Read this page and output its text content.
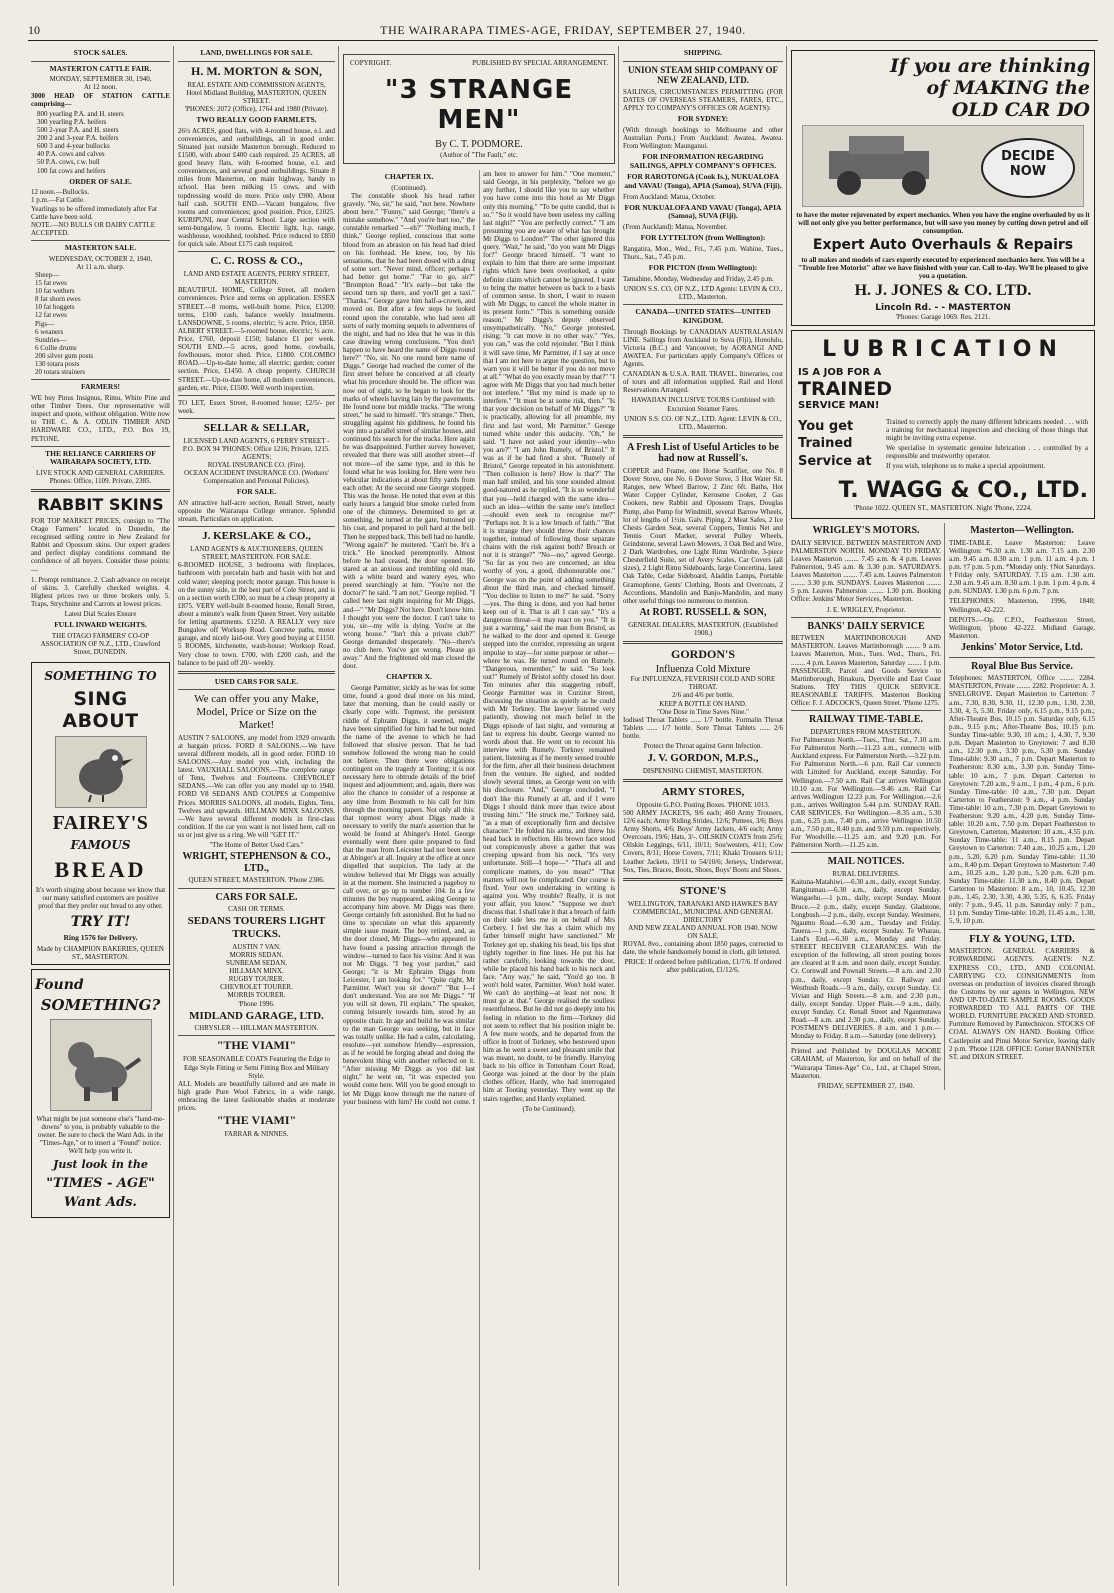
10	THE WAIRARAPA TIMES-AGE, FRIDAY, SEPTEMBER 27, 1940.
STOCK SALES.
MASTERTON CATTLE FAIR.
MONDAY, SEPTEMBER 30, 1940,
At 12 noon.

3000 HEAD OF STATION CATTLE comprising—

800 yearling P.A. and H. steers
300 yearling P.A. heifers
500 2-year P.A. and H. steers
200 2 and 3-year P.A. heifers
600 3 and 4-year bullocks
40 P.A. cows and calves
50 P.A. cows, r.w. bull
100 fat cows and heifers
ORDER OF SALE.
12 noon.—Bullocks.
1 p.m.—Fat Cattle.
Yearlings to be offered immediately after Fat Cattle have been sold.
NOTE.—NO BULLS OR DAIRY CATTLE ACCEPTED.
MASTERTON SALE.
WEDNESDAY, OCTOBER 2, 1940,
At 11 a.m. sharp.
Sheep—
15 fat ewes
10 fat wethers
8 fat shorn ewes
10 fat hoggets
12 fat ewes
Pigs—
6 weaners
Sundries—
6 Collie drums
200 silver gum posts
130 totara posts
20 totara strainers
FARMERS!

WE buy Pinus Insignus, Rimu, White Pine and other Timber Trees. Our representative will inspect and quote, without obligation. Write now to THE C. & A. ODLIN TIMBER AND HARDWARE CO., LTD., P.O. Box 19, PETONE.

THE RELIANCE CARRIERS OF WAIRARAPA SOCIETY, LTD.
LIVE STOCK AND GENERAL CARRIERS.
Phones: Office, 1109. Private, 2385.
RABBIT SKINS

FOR TOP MARKET PRICES, consign to "The Otago Farmers" located in Dunedin, the recognised selling centre in New Zealand for Rabbit and Opossum skins. Our expert graders and perfect display conditions command the confidence of all buyers. Consider these points:—

1. Prompt remittance. 2. Cash advance on receipt of skins. 3. Carefully checked weights. 4. Highest prices two or three brokers only. 5. Traps, Strychnine and Carrots at lowest prices.

Latest Dial Scales Ensure
FULL INWARD WEIGHTS.
THE OTAGO FARMERS' CO-OP ASSOCIATION OF N.Z., LTD., Crawford Street, DUNEDIN.
SOMETHING TO
SING ABOUT
FAIREY'S
FAMOUS
BREAD

It's worth singing about because we know that our many satisfied customers are positive proof that they prefer our bread to any other.

TRY IT!
Ring 1576 for Delivery.
Made by CHAMPION BAKERIES, QUEEN ST., MASTERTON.
Found
SOMETHING?

What might be just someone else's "hand-me-downs" to you, is probably valuable to the owner. Be sure to check the Want Ads. in the "Times-Age," or to insert a "Found" notice. We'll help you write it.

Just look in the
"TIMES - AGE"
Want Ads.
LAND, DWELLINGS FOR SALE.
H. M. MORTON & SON,
REAL ESTATE AND COMMISSION AGENTS,
Hotel Midland Building, MASTERTON, QUEEN STREET.
'PHONES: 2072 (Office), 1764 and 1980 (Private).
TWO REALLY GOOD FARMLETS.

26½ ACRES, good flats, with 4-roomed house, e.l. and conveniences, and outbuildings, all in good order. Situated just outside Masterton borough. Reduced to £1500, with about £400 cash required. 25 ACRES, all good heavy flats, with 6-roomed house, e.l. and conveniences, and several good outbuildings. Situate 8 miles from Masterton, on main highway, handy to school. Has been milking 15 cows, and with topdressing would do more. Price only £900. About half cash. SOUTH END.—Vacant bungalow, five rooms and conveniences; good position. Price, £1025. KURIPUNI, near Central School. Large section with semi-bungalow, 5 rooms. Electric light, h.p. range, washhouse, woodshed, toolshed. Price reduced to £850 for quick sale. About £175 cash required.

C. C. ROSS & CO.,
LAND AND ESTATE AGENTS, PERRY STREET, MASTERTON.

BEAUTIFUL HOME, College Street, all modern conveniences. Price and terms on application. ESSEX STREET.—8 rooms, well-built home. Price, £1200; terms, £100 cash, balance weekly instalments. LANSDOWNE, 5 rooms, electric; ¼ acre. Price, £850. ALBERT STREET.—5-roomed house, electric; ½ acre. Price, £760, deposit £150; balance £1 per week. SOUTH END.—5 acres, good home, cowbails, fowlhouses, motor shed. Price, £1800. COLOMBO ROAD.—Up-to-date home, all electric; garden; corner section. Price, £1450. A cheap property. CHURCH STREET.—Up-to-date home, all modern conveniences, garden, etc. Price, £1500. Well worth inspection.

TO LET, Essex Street, 8-roomed house; £2/5/- per week.

SELLAR & SELLAR,
LICENSED LAND AGENTS, 6 PERRY STREET - P.O. BOX 94 'PHONES: Office 1216; Private, 1215. AGENTS:
ROYAL INSURANCE CO. (Fire).
OCEAN ACCIDENT INSURANCE CO. (Workers' Compensation and Personal Policies).
FOR SALE.

AN attractive half-acre section, Renall Street, nearly opposite the Wairarapa College entrance. Splendid stream. Particulars on application.

J. KERSLAKE & CO.,
LAND AGENTS & AUCTIONEERS, QUEEN STREET, MASTERTON. FOR SALE.

6-ROOMED HOUSE, 3 bedrooms with fireplaces, bathroom with porcelain bath and basin with hot and cold water; sleeping porch; motor garage. This house is on the sunny side, in the best part of Cole Street, and is on a section worth £300, so must be a cheap property at £875. VERY well-built 8-roomed house, Renall Street, about a minute's walk from Queen Street. Very suitable for letting apartments. £1250. A REALLY very nice Bungalow off Worksop Road. Concrete paths, motor garage, and nicely laid-out. Very good buying at £1150. 5 ROOMS, kitchenette, wash-house; Worksop Road. Very close to town. £700, with £200 cash, and the balance to be paid off 20/- weekly.

USED CARS FOR SALE.
We can offer you any Make, Model, Price or Size on the Market!

AUSTIN 7 SALOONS, any model from 1929 onwards at bargain prices. FORD 8 SALOONS.—We have several different models, all in good order. FORD 10 SALOONS.—Any model you wish, including the latest. VAUXHALL SALOONS.—The complete range of Tens, Twelves and Fourteens. CHEVROLET SEDANS.—We can offer you any model up to 1940. FORD V8 SEDANS AND COUPES at Competitive Prices. MORRIS SALOONS, all models, Eights, Tens, Twelves and upwards. HILLMAN MINX SALOONS.—We have several different models in first-class condition. If the car you want is not listed here, call on us or just give us a ring. We will "GET IT."

"The Home of Better Used Cars."
WRIGHT, STEPHENSON & CO., LTD.,
QUEEN STREET, MASTERTON. 'Phone 2386.
CARS FOR SALE.
CASH OR TERMS.
SEDANS TOURERS LIGHT TRUCKS.
AUSTIN 7 VAN.
MORRIS SEDAN.
SUNBEAM SEDAN.
HILLMAN MINX.
RUGBY TOURER.
CHEVROLET TOURER.
MORRIS TOURER.
'Phone 1996.
MIDLAND GARAGE, LTD.
CHRYSLER - - HILLMAN MASTERTON.
"THE VIAMI"
FOR SEASONABLE COATS Featuring the Edge to Edge Style Fitting or Semi Fitting Box and Military Style.

ALL Models are beautifully tailored and are made in high grade Pure Wool Fabrics, in a wide range, embracing the latest fashionable shades at moderate prices.

"THE VIAMI"
FARRAR & NINNES.
COPYRIGHT.	PUBLISHED BY SPECIAL ARRANGEMENT.
"3 STRANGE MEN"
By C. T. PODMORE.
(Author of "The Fault," etc.
CHAPTER IX.
(Continued).

The constable shook his head rather gravely. "No, sir," he said, "not here. Nowhere about here." "Funny," said George; "there's a mistake somehow." "And you're hurt too," the constable remarked "—eh?" "Nothing much, I think," George replied, conscious that some blood from an abrasion on his head had dried on his forehead. He knew, too, by his sensations, that he had been dosed with a drug of some sort. "Never mind, officer; perhaps I had better get home." "Far to go, sir?" "Brompton Road." "It's early—but take the second turn up there, and you'll get a taxi." "Thanks." George gave him half-a-crown, and moved on. But after a few steps he looked round upon the constable, who had seen all sorts of early morning sequels to adventures of the night, and had no idea that he was in this case drawing wrong conclusions. "You don't happen to have heard the name of Diggs round here?" "No, sir. No one round here name of Diggs." George had reached the corner of the first street before he conceived at all clearly what his procedure should be. The officer was now out of sight, so he began to look for the marks of wheels having lain by the pavements. He found none but middle tracks. "The wrong street," he said to himself. "It's strange." Then, struggling against his giddiness, he found his way into a parallel street of similar houses, and continued his search for the tracks. Here again he was disappointed. Further survey however, revealed that there was still another street—if not more—of the same type, and in this he found what he was looking for. Here were two vehicular indications at about fifty yards from each other. At the second one George stopped. This was the house. He noted that even at this early hours a languid blue smoke curled from one of the chimneys. Determined to get at something, he turned at the gate, buttoned up his coat, and prepared to pull hard at the bell. Then he stepped back. This bell had no handle. "Wrong again?" he muttered. "Can't be. It's a trick." He knocked peremptorily. Almost before he had ceased, the door opened. He stared at an anxious and trembling old man, with a white beard and watery eyes, who peered searchingly at him. "You're not the doctor?" he said. "I am not," George replied. "I called here last night inquiring for Mr Diggs, and—" "Mr Diggs? Not here. Don't know him. I thought you were the doctor. I can't take to you, sir—my wife is dying. You're at the wrong house." "Isn't this a private club?" George demanded desperately. "No—there's no club here. You've got wrong. Please go away." And the frightened old man closed the door.

CHAPTER X.

George Parmitter, sickly as he was for some time, found a good deal more on his mind, later that morning, than he could easily or clearly cope with. Topmost, the persistent riddle of Ephraim Diggs, it seemed, might have been simplified for him had he but noted the name of the avenue to which he had followed that elusive person. That he had somehow followed the wrong man he could not believe. Then there were obligations contingent on the tragedy at Tooting; it is not necessary here to obtrude details of the brief inquest and adjournment; and, again, there was also the chance to consider of a response at any time from Boxmuth to his call for him through the morning papers. Not only all this: that topmost worry about Diggs made it necessary to verify the man's assertion that he would be found at Abinger's Hotel. George eventually went there quite prepared to find that the man from Leicester had not been seen at Abinger's at all. Inquiry at the office at once dispelled that suspicion. The lady at the window believed that Mr Diggs was actually in at the moment. She instructed a pageboy to call over, or go up to number 104. In a few minutes the boy reappeared, asking George to accompany him above. Mr Diggs was there. George certainly felt astonished. But he had no time to speculate on what this apparently simple issue meant. The boy retired, and, as the door closed, Mr Diggs—who appeared to have found a passing attraction through the window—turned to face his visitor. And it was not Mr Diggs. "I beg your pardon," said George; "it is Mr Ephraim Diggs from Leicester, I am looking for." "Quite right, Mr Parmitter. Won't you sit down?" "But I—I don't understand. You are not Mr Diggs." "If you will sit down, I'll explain." The speaker, coming leisurely towards him, stood by an opposite chair. In age and build he was similar to the man George was seeking, but in face was totally unlike. He had a calm, calculating, resolute—yet somehow friendly—expression, as if he would be forging ahead and doing the benevolent thing with another reflected on it. "After missing Mr Diggs as you did last night," he went on, "it was expected you would come here. Will you be good enough to let Mr Diggs know through me the nature of your business with him? He could not come. I am here to answer for him." "One moment," said George, in his perplexity, "before we go any further, I should like you to say whether you have come into this hotel as Mr Diggs only this morning." "To be quite candid, that is so." "So it would have been useless my calling last night?" "You are perfectly correct." "I am presuming you are aware of what has brought Mr Diggs to London?" The other ignored this query. "Wait," he said, "do you want Mr Diggs for?" George braced himself. "I want to explain to him that there are some important rights which have been overlooked, a quite definite claim which cannot be ignored. I want to bring the matter between us back to a basis of common sense. In short, I want to reason with Mr Diggs, to cancel the whole matter in its present form." "This is something outside reason," Mr Diggs's deputy observed unsympathetically. "No," George protested, rising; "it can move in no other way." "Yes, you can," was the cold rejoinder. "But I think it will save time, Mr Parmitter, if I say at once that I am not here to argue the question, but to warn you it will be better if you do not move at all." "What do you exactly mean by that?" "I agree with Mr Diggs that you had much better not interfere." "But my mind is made up to interfere." "It must be at some risk, then." "Is that your decision on behalf of Mr Diggs?" "It is practically, allowing for all preamble, my first and last word, Mr Parmitter." George turned white under this audacity. "Oh," he said. "I have not asked your identity—who you are?" "I am John Rumely, of Bristol." It was as if he had fired a shot. "Rumely of Bristol," George repeated in his astonishment. "Then collusion is here? How is that?" The man half smiled, and his tone sounded almost good-natured as he replied, "It is so wonderful that you—held charged with the same idea—such an idea—within the same one's intellect—should even seek to recognise me?" "Perhaps not. It is a low breach of faith." "But it is strange they should throw their chances together, instead of following those separate chains with the risk against both? Breach or not it is strange?" "No—no," agreed George. "So far as you two are concerned, an idea worthy of you, a good, dishonourable one." George was on the point of adding something about the third man, and checked himself. "You decline to listen to me?" he said. "Sorry—yes. The thing is done, and you had better keep out of it. That is all I can say." "It's a dangerous threat—it may react on you." "It is just a warning," said the man from Bristol, as he walked to the door and opened it. George stepped into the corridor, repressing an urgent impulse to stay—for some purpose or other—where he was. He turned round on Rumely. "Dangerous, remember," he said. "So look out!" Rumely of Bristol softly closed his door. Ten minutes after this staggering rebuff, George Parmitter was in Curzitor Street, discussing the situation as quietly as he could with Mr Torkney. The lawyer listened very patiently, showing not much belief in the Diggs episode of last night, and venturing at last to express his doubt. George wanted no words about that. He went on to recount his interview with Rumely. Torkney remained patient, listening as if he merely sensed trouble for the firm, after all their business detachment from the venture. He sighed, and nodded slowly several times, as George went on with his disclosure. "And," George concluded, "I don't like this Rumely at all, and if I were Diggs I should think more than twice about trusting him." "He struck me," Torkney said, "as a man of exceptionally firm and decisive character." He folded his arms, and threw his head back in reflection. His brown face stood out conspicuously above a gather that was creeping upward from his neck. "It's very unfortunate. Still—I hope—" "That's all and complicate matters, do you mean?" "That matters will not be complicated. Our course is fixed. Your own undertaking in writing is against you. Why trouble? Really, it is not your affair, you know." "Suppose we don't discuss that. I shall take it that a breach of faith on their side lets me in on behalf of Mrs Corbery. I feel she has a claim which my father himself might have sanctioned." Mr Torkney got up, shaking his head, his lips shut tightly together in fine lines. He put his hat rather carefully, looking towards the door, while he placed his hand back to his neck and face. "Any way," he said, "You'd go too. It won't hold water, Parmitter. Won't hold water. We can't do anything—at least not now. It must go at that." George realised the soulless resentfulness. But he did not go deeply into his feeling in relation to the firm—Torkney did not seem to reflect that his position might be. A few more words, and he departed from the office in front of Torkney, who bestowed upon him as he went a sweet and pleasant smile that was meant, no doubt, to be friendly. Harrying back to his office in Tottenham Court Road, George was joined at the door by the plain clothes officer, Hardy, who had interrogated him at Tooting yesterday. They went up the stairs together, and Hardy explained.

(To be Continued).
SHIPPING.
UNION STEAM SHIP COMPANY OF NEW ZEALAND, LTD.

SAILINGS, CIRCUMSTANCES PERMITTING (FOR DATES OF OVERSEAS STEAMERS, FARES, ETC., APPLY TO COMPANY'S OFFICES OR AGENTS):

FOR SYDNEY:

(With through bookings to Melbourne and other Australian Ports.) From Auckland: Awatea, Awatea. From Wellington: Maunganui.

FOR INFORMATION REGARDING SAILINGS, APPLY COMPANY'S OFFICES.
FOR RAROTONGA (Cook Is.), NUKUALOFA and VAVAU (Tonga), APIA (Samoa), SUVA (Fiji).

From Auckland: Matua, October.

FOR NUKUALOFA AND VAVAU (Tonga), APIA (Samoa), SUVA (Fiji).

(From Auckland): Matua, November.

FOR LYTTELTON (from Wellington):

Rangatira, Mon., Wed., Fri., 7.45 p.m. Wahine, Tues., Thurs., Sat., 7.45 p.m.

FOR PICTON (from Wellington):

Tamahine, Monday, Wednesday and Friday, 2.45 p.m.

UNION S.S. CO. OF N.Z., LTD Agents: LEVIN & CO., LTD., Masterton.
CANADA—UNITED STATES—UNITED KINGDOM.

Through Bookings by CANADIAN AUSTRALASIAN LINE. Sailings from Auckland to Suva (Fiji), Honolulu, Victoria (B.C.) and Vancouver, by AORANGI AND AWATEA. For particulars apply Company's Offices or Agents.

CANADIAN & U.S.A. RAIL TRAVEL. Itineraries, cost of tours and all information supplied. Rail and Hotel Reservations Arranged.

HAWAIIAN INCLUSIVE TOURS Combined with Excursion Steamer Fares.

UNION S.S. CO. OF N.Z., LTD. Agent: LEVIN & CO., LTD., Masterton.
A Fresh List of Useful Articles to be had now at Russell's.

COPPER and Frame, one Horse Scarifier, one No. 8 Dover Stove, one No. 6 Dover Stove, 3 Hot Water Sit. Ranges, new Wheel Barrow, 2 Zinc 6ft. Baths, Hot Water Copper Cylinder, Kerosene Cooker, 2 Gas Cookers, new Rabbit and Opossum Traps, Douglas Pump, also Pump for Windmill, several Barrow Wheels, lot of lengths of 1½in. Galv. Piping, 2 Meat Safes, 2 Ice Chests Garden Seat, several Coppers, Tennis Net and Tennis Court Marker, several Pulley Wheels, Grindstone, several Lawn Mowers, 3 Oak Bed and Wire, 2 Dark Wardrobes, one Light Rimu Wardrobe, 3-piece Chesterfield Suite, set of Avery Scales, Car Covers (all sizes), 2 Light Rimu Sideboards, large Concertina, latest Oak Table, Cedar Sideboard, Aladdin Lamps, Portable Gramophone, Gents' Clothing, Boots and Overcoats, 2 Accordions, Mandolin and Banjo-Mandolin, and many other useful things too numerous to mention.

At ROBT. RUSSELL & SON,
GENERAL DEALERS, MASTERTON. (Established 1908.)
GORDON'S
Influenza Cold Mixture
For INFLUENZA, FEVERISH COLD AND SORE THROAT.
2/6 and 4/6 per bottle.
KEEP A BOTTLE ON HAND.
"One Dose in Time Saves Nine."

Iodised Throat Tablets ...... 1/7 bottle. Formalin Throat Tablets ...... 1/7 bottle. Sore Throat Tablets ...... 2/6 bottle.

Protect the Throat against Germ Infection.
J. V. GORDON, M.P.S.,
DISPENSING CHEMIST, MASTERTON.
ARMY STORES,
Opposite G.P.O. Posting Boxes. 'PHONE 1013.

500 ARMY JACKETS, 9/6 each; 460 Army Trousers, 12/6 each; Army Riding Strides, 12/6; Puttees, 3/6; Boys Army Shorts, 4/6; Boys' Army Jackets, 4/6 each; Army Overcoats, 19/6; Hats, 3/-. OILSKIN COATS from 25/6; Oilskin Leggings, 6/11, 10/11; Sou'westers, 4/11; Cow Covers, 8/11; Horse Covers, 7/11; Khaki Trousers 6/11; Leather Jackets, 19/11 to 54/10/6; Jerseys, Underwear, Sox, Ties, Braces, Boots, Shoes, Boys' Boots and Shoes.

STONE'S
WELLINGTON, TARANAKI AND HAWKE'S BAY COMMERCIAL, MUNICIPAL AND GENERAL DIRECTORY
AND NEW ZEALAND ANNUAL FOR 1940. NOW ON SALE.

ROYAL 8vo., containing about 1850 pages, corrected to date, the whole handsomely bound in cloth, gilt lettered.

PRICE: If ordered before publication, £1/7/6. If ordered after publication, £1/12/6.
If you are thinking
of MAKING the
OLD CAR DO
DECIDE
NOW

to have the motor rejuvenated by expert mechanics. When you have the engine overhauled by us it will not only give you better performance, but will save you money by cutting down petrol and oil consumption.

Expert Auto Overhauls & Repairs

to all makes and models of cars expertly executed by experienced mechanics here. You will be a "Trouble free Motorist" after we have finished with your car. Call to-day. We'll be pleased to give you a quotation.

H. J. JONES & CO. LTD.
Lincoln Rd. - - MASTERTON
'Phones: Garage 1069. Res. 2121.
LUBRICATION
IS A JOB FOR A
TRAINED
SERVICE MAN!
You get Trained Service at

Trained to correctly apply the many different lubricants needed . . . with a training for mechanical inspection and checking of those things that might be inviting extra expense.

We specialise in systematic genuine lubrication . . . controlled by a responsible and trustworthy operator.

If you wish, telephone us to make a special appointment.

T. WAGG & CO., LTD.
'Phone 1022. QUEEN ST., MASTERTON. Night 'Phone, 2224.
WRIGLEY'S MOTORS.

DAILY SERVICE. BETWEEN MASTERTON AND PALMERSTON NORTH. MONDAY TO FRIDAY. Leaves Masterton ........ 7.45 a.m. & 4 p.m. Leaves Palmerston, 9.45 a.m. & 3.30 p.m. SATURDAYS. Leaves Masterton ........ 7.45 a.m. Leaves Palmerston ........ 3.30 p.m. SUNDAYS. Leaves Masterton ........ 5 p.m. Leaves Palmerston ........ 1.30 p.m. Booking Office: Jenkins' Motor Services, Masterton.

J. E. WRIGLEY, Proprietor.
BANKS' DAILY SERVICE

BETWEEN MARTINBOROUGH AND MASTERTON. Leaves Martinborough ........ 9 a.m. Leaves Masterton, Mon., Tues. Wed., Thurs., Fri. ........ 4 p.m. Leaves Masterton, Saturday ........ 1 p.m. PASSENGER, Parcel and Goods Service to Martinborough, Hinakura, Dyerville and East Coast Stations. TRY THIS QUICK SERVICE. REASONABLE TARIFFS. Masterton Booking Office: F. J. ADCOCK'S, Queen Street. 'Phone 1275.

RAILWAY TIME-TABLE.
DEPARTURES FROM MASTERTON.

For Palmerston North.—Tues., Thur. Sat., 7.10 a.m. For Palmerston North.—11.23 a.m., connects with Auckland express. For Palmerston North.—3.22 p.m. For Palmerston North.—6 p.m. Rail Car connects with Limited for Auckland, except Saturday. For Wellington.—7.50 a.m. Rail Car arrives Wellington 10.10 a.m. For Wellington.—9.46 a.m. Rail Car arrives Wellington 12.23 p.m. For Wellington.—2.6 p.m., arrives Wellington 5.44 p.m. SUNDAY RAIL CAR SERVICES. For Wellington.—8.35 a.m., 5.30 p.m., 6.25 p.m., 7.40 p.m., arrive Wellington 10.50 a.m., 7.50 p.m., 8.40 p.m. and 9.59 p.m. respectively. For Woodville.—11.25 a.m. and 9.20 p.m. For Palmerston North.—11.25 a.m.

MAIL NOTICES.
RURAL DELIVERIES.

Kaituna-Matahiwi.—6.30 a.m., daily, except Sunday. Rangitumau.—6.30 a.m., daily, except Sunday. Wangaehu.—1 p.m., daily, except Sunday. Mount Bruce.—2 p.m., daily, except Sunday. Gladstone, Longbush.—2 p.m., daily, except Sunday. Westmere, Ngaumu Road.—6.30 a.m., Tuesday and Friday. Tauera.—1 p.m., daily, except Sunday. Te Wharau, Land's End.—6.30 a.m., Monday and Friday. STREET RECEIVER CLEARANCES. With the exception of the following, all street posting boxes are cleared at 8 a.m. and noon daily, except Sunday. Cr. Cornwall and Pownall Streets.—8 a.m. and 2.30 p.m., daily, except Sunday. Cr. Railway and Westbush Roads.—9 a.m., daily, except Sunday. Cr. Vivian and High Streets.—8 a.m. and 2.30 p.m., daily, except Sunday. Upper Plain.—9 a.m., daily, except Sunday. Cr. Renall Street and Ngaumutawa Road.—8 a.m. and 2.30 p.m., daily, except Sunday. POSTMEN'S DELIVERIES. 8 a.m. and 1 p.m.—Monday to Friday. 8 a.m.—Saturday (one delivery).

Printed and Published by DOUGLAS MOORE GRAHAM, of Masterton, for and on behalf of the "Wairarapa Times-Age" Co., Ltd., at Chapel Street, Masterton.

FRIDAY, SEPTEMBER 27, 1940.
Masterton—Wellington.

TIME-TABLE. Leave Masterton: Leave Wellington: *6.30 a.m. 1.30 a.m. 7.15 a.m. 2.30 a.m. 9.45 a.m. 8.30 a.m. 1 p.m. 11 a.m. 4 p.m. 1 p.m. †7 p.m. 5 p.m. *Monday only. †Not Saturdays. †Friday only. SATURDAY. 7.15 a.m. 1.30 a.m. 2.30 a.m. 9.45 a.m. 8.30 a.m. 1 p.m. 1 p.m. 4 p.m. 4 p.m. SUNDAY. 1.30 p.m. 6 p.m. 7 p.m.

TELEPHONES: Masterton, 1996, 1848; Wellington, 42-222.

DEPOTS.—Op. C.P.O., Featherston Street, Wellington; 'phone 42-222. Midland Garage, Masterton.

Jenkins' Motor Service, Ltd.
Royal Blue Bus Service.

Telephones: MASTERTON, Office ........ 2284. MASTERTON, Private ........ 2282. Proprietor: A. J. SNELGROVE. Depart Masterton to Carterton: 7 a.m., 7.30, 8.30, 9.30, 11, 12.30 p.m., 1.30, 2.30, 3.30, 4, 5, 5.30. Friday only, 6.15 p.m., 9.15 p.m.; After-Theatre Bus, 10.15 p.m. Saturday only, 6.15 p.m., 9.15 p.m.; After-Theatre Bus, 10.15 p.m. Sunday Time-table: 9.30, 10 a.m.; 1, 4.30, 7, 9.30 p.m. Depart Masterton to Greytown: 7 and 8.30 a.m., 12.30 p.m., 3.30 p.m., 5.30 p.m. Sunday Time-table: 9.30 a.m., 7 p.m. Depart Masterton to Featherston: 8.30 a.m., 3.30 p.m. Sunday Time-table: 10 a.m., 7 p.m. Depart Carterton to Greytown: 7.20 a.m., 9 a.m., 1 p.m., 4 p.m., 6 p.m. Sunday Time-table: 10 a.m., 7.30 p.m. Depart Carterton to Featherston: 9 a.m., 4 p.m. Sunday Time-table: 10 a.m., 7.30 p.m. Depart Greytown to Featherston: 9.20 a.m., 4.20 p.m. Sunday Time-table: 10.20 a.m., 7.50 p.m. Depart Featherston to Greytown, Carterton, Masterton: 10 a.m., 4.55 p.m. Sunday Time-table: 11 a.m., 8.15 p.m. Depart Greytown to Carterton: 7.40 a.m., 10.25 a.m., 1.20 p.m., 5.20, 6.20 p.m. Sunday Time-table: 11.30 a.m., 8.40 p.m. Depart Greytown to Masterton: 7.40 a.m., 10.25 a.m., 1.20 p.m., 5.20 p.m. 6.20 p.m. Sunday Time-table: 11.30 a.m., 8.40 p.m. Depart Carterton to Masterton: 8 a.m., 10, 10.45, 12.30 p.m., 1.45, 2.30, 3.30, 4.30, 5.35, 6, 6.35. Friday only: 7 p.m., 9.45, 11 p.m. Saturday only: 7 p.m., 11 p.m. Sunday Time-table: 10.20, 11.45 a.m., 1.30, 5, 9, 10 p.m.

FLY & YOUNG, LTD.

MASTERTON. GENERAL CARRIERS & FORWARDING AGENTS. AGENTS: N.Z. EXPRESS CO., LTD., AND COLONIAL CARRYING CO. CONSIGNMENTS from overseas on production of invoices cleared through the Customs by our agents in Wellington. NEW AND UP-TO-DATE SAMPLE ROOMS. GOODS FORWARDED TO ALL PARTS OF THE WORLD. FURNITURE PACKED AND STORED. Furniture Removed by Pantechnicon. STOCKS OF COAL ALWAYS ON HAND. Booking Office: Castlepoint and Pinui Motor Service, leaving daily 2 p.m. 'Phone 1128. OFFICE: Corner BANNISTER ST. and DIXON STREET.
